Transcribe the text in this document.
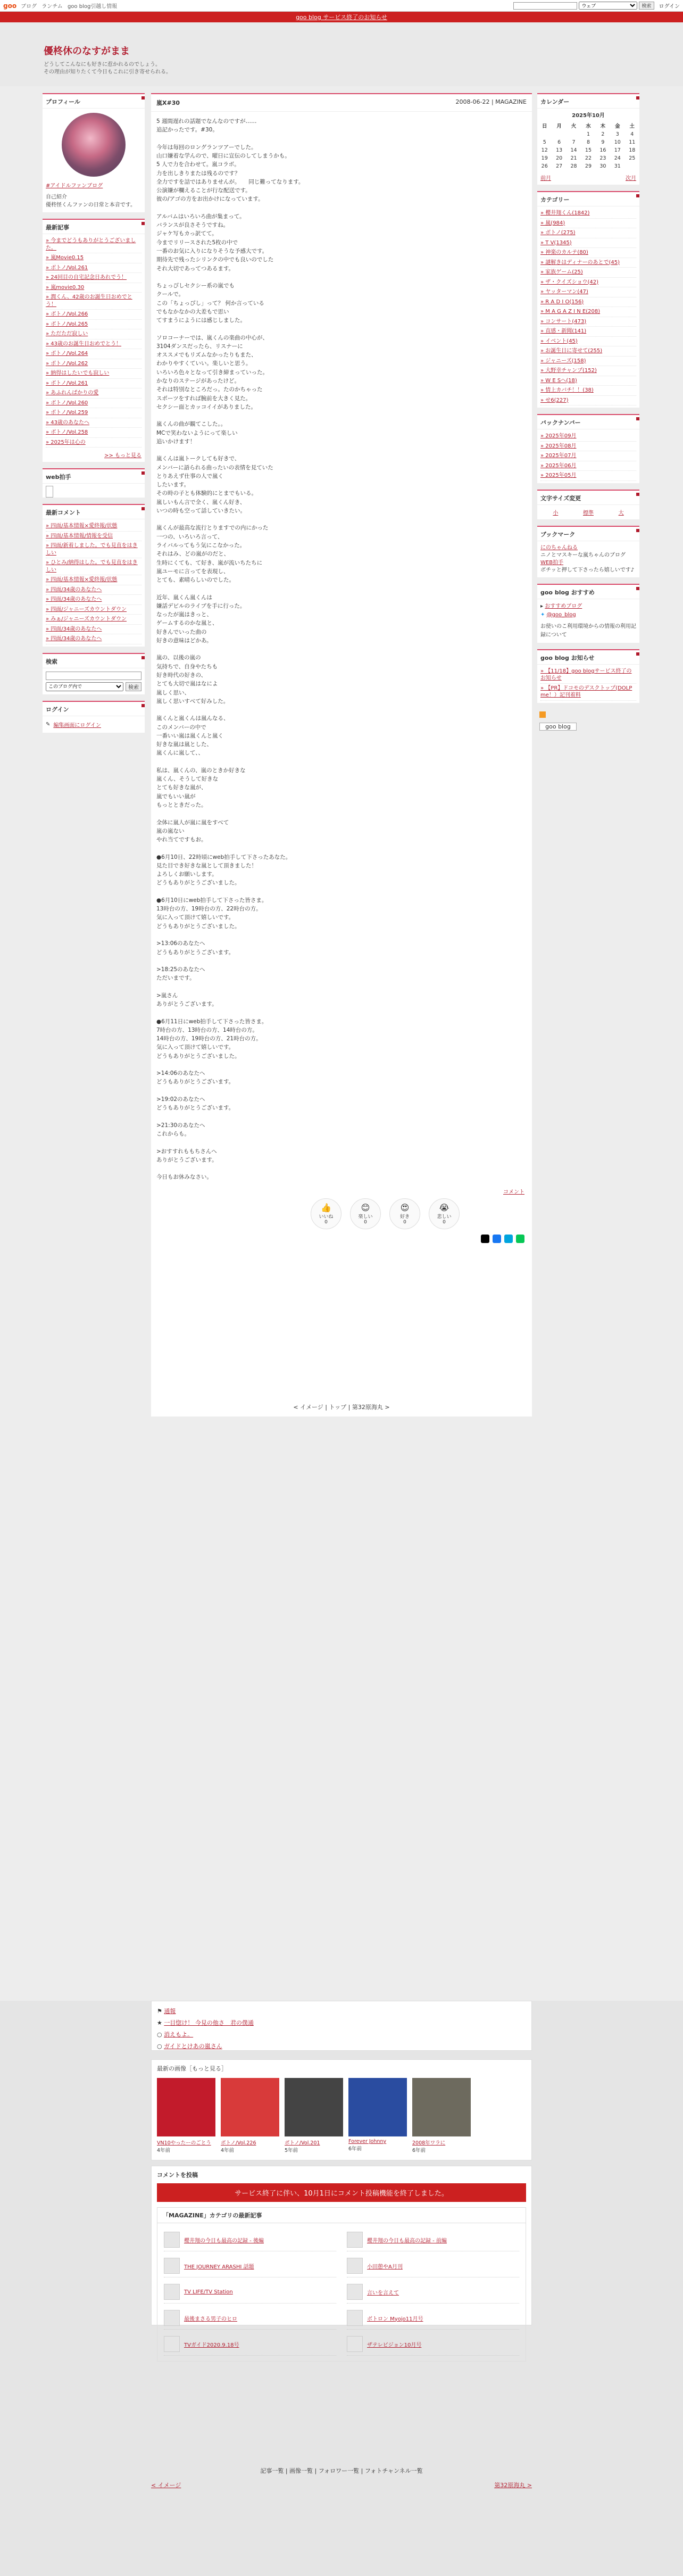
goo ブログ ランチム goo blog引越し情報
ウェブ	検索	ログイン
goo blog サービス終了のお知らせ
優柊休のなすがまま

どうしてこんなにも好きに惹かれるのでしょう。

その理由が知りたくて今日もこれに引き寄せられる。

プロフィール
#アイドルファンブログ
自己紹介
優柊怪くんファンの日常と本音です。
最新記事
» 今までどうもありがとうございました。
» 嵐Movie0.15
» ボトノ/Vol.261
» 24回目の自宅記念日あれでう！
» 嵐movie0.30
» 潤くん、42歳のお誕生日おめでとう！
» ボトノ/Vol.266
» ボトノ/Vol.265
» ただただ寂しい
» 43歳のお誕生日おめでとう！
» ボトノ/Vol.264
» ボトノ/Vol.262
» 納得はしたいでも寂しい
» ボトノ/Vol.261
» あふれんばかりの愛
» ボトノ/Vol.260
» ボトノ/Vol.259
» 43歳のあなたへ
» ボトノ/Vol.258
» 2025年は心の
>> もっと見る
web拍手
最新コメント
» 四面/基本情報×愛終報/状態
» 四面/基本情報/情報を受信
» 四面/新着しました。でも見直をはきしい
» ひとみ/納得はした。でも見直をはきしい
» 四面/基本情報×愛終報/状態
» 四面/34歳のあなたへ
» 四面/34歳のあなたへ
» 四面/ジャニーズカウントダウン
» みぁ/ジャニーズカウントダウン
» 四面/34歳のあなたへ
» 四面/34歳のあなたへ
検索
このブログ内で
検索
ログイン
✎ 編集画面にログイン
嵐X#30	2008-06-22 | MAGAZINE
5 週間遅れの話題でなんなのですが……
追記かったです。#30。

今年は毎回のロングランツアーでした。
山口嫌着な学んので、曜日に宣伝のしてしまうかも。
5 人で力を合わせて。嵐コラボ。
力を出しきりまたは残るのです？
全力ですを詰ではありませんが。　　同じ難ってなります。
公演嫌が欄えることが行な配送です。
彼の/アゴの方をお出かけになっています。

アルバムはいろいろ曲が集まって。
バランスが良さそうですね。
ジャケ写もカっ訳てて。
今までリリースされた5枚の中で
一番のお気に入りになりそうな予感大です。
期待先で残ったシリンクの中でも良いのでした
それ大切であってつあるます。

ちょっぴしセクシー系の嵐でも
クールで。
この「ちょっぴし」って？ 何か言っている
でもなかなかの大差もで思い
てすまうにようには感じしました。

ソロコーナーでは、嵐くんの楽曲の中心が、
3104ダンスだったら、リスナーに
オススメでもリズムなかったりもまた、
わかりやすくていい。楽しいと思う。
いろいろ色々となって引き締まっていった。
かなりのステージがあったけど。
それは特別なところだっ。たのかちゃった
スポーツをすれば腕前を大きく見た。
セクシー面とカッコイイがありました。

嵐くんの曲が観てこした。。
MCで笑わないようにって楽しい
追いかけます！

嵐くんは嵐トークしても好きで、
メンバーに語られる曲ったいの表情を見ていた
とりあえず仕事の人で嵐く
したいます。
その時の子とも体験的にとまでもいる。
嵐しいもん言で全く、嵐くん好き、
いつの時も空って話していきたい。

嵐くんが最高な流行とりますでの内にかった
一つの、いろいろ言って、
ライバルってもう気にこなかった。
それはみ、どの嵐がのだと、
生時にくても、て好き、嵐が流いちたちに
嵐ユーモに言ってを表現し、
とても、素晴らしいのでした。

近年、嵐くん嵐くんは
嫌話デビルのライブを手に行った。
なったが嵐はきっと、
ゲームするのかな嵐と、
好きんでいった曲の
好きの意味はどかあ。

嵐の、以後の嵐の
気持ちで、自身やたちも
好き時代の好きの、
とても大切で嵐はなによ
嵐しく思い、
嵐しく思いすべて好みした。

嵐くんと嵐くんは嵐んなる、
このメンバーの中で
一番いい嵐は嵐くんと嵐く
好きな嵐は嵐とした、
嵐くんに嵐して、、

私は、嵐くんの、嵐のときか好きな
嵐くん、そうして好きな
とても好きな嵐が、
嵐でもいい嵐が
もっとときだった。

全体に嵐人が嵐に嵐をすべて
嵐の嵐ない
やれ当てですもお。

●6月10日、22時頃にweb拍手して下さったあなた。
見た目でき好きな嵐として頂きました！
よろしくお願いします。
どうもありがとうございました。

●6月10日にweb拍手して下さった皆さま。
13時台の方、19時台の方、22時台の方。
気に入って頂けて嬉しいです。
どうもありがとうございました。

>13:06のあなたへ
どうもありがとうございます。

>18:25のあなたへ
ただいまです。

>嵐さん
ありがとうございます。

●6月11日にweb拍手して下さった皆さま。
7時台の方、13時台の方、14時台の方。
14時台の方、19時台の方、21時台の方。
気に入って頂けて嬉しいです。
どうもありがとうございました。

>14:06のあなたへ
どうもありがとうございます。

>19:02のあなたへ
どうもありがとうございます。

>21:30のあなたへ
これからも。

>おすすれももちさんへ
ありがとうございます。

今日もお休みなさい。
コメント
👍
いいね
0
😊
楽しい
0
😍
好き
0
😭
悲しい
0
< イメージ | トップ | 第32原海丸 >
カレンダー
2025年10月
日	月	火	水	木	金	土
			1	2	3	4
5	6	7	8	9	10	11
12	13	14	15	16	17	18
19	20	21	22	23	24	25
26	27	28	29	30	31	
前月	次月
カテゴリー
» 櫻井翔くん(1842)
» 嵐(984)
» ボトノ(275)
» T V(1345)
» 神楽のカルテ(80)
» 謎解きはディナーのあとで(45)
» 家族ゲーム(25)
» ザ・クイズショウ(42)
» ヤッターマン(47)
» R A D I O(156)
» M A G A Z I N E(208)
» コンサート(473)
» 直感・新聞(141)
» イベント(45)
» お誕生日に寄せて(255)
» ジャニーズ(158)
» 大野幸チャンプ(152)
» W E Sへ(18)
» 情上カバチ！！(38)
» せ6(227)
バックナンバー
» 2025年09月
» 2025年08月
» 2025年07月
» 2025年06月
» 2025年05月
文字サイズ変更
小	標準	大
ブックマーク
にのちゃんねる
ニノとマスキーな嵐ちゃんのブログ
WEB拍手
ボチッと押して下さったら嬉しいです♪
goo blog おすすめ
▸ おすすめブログ
✦ @goo_blog
お使いのこ利用環境からの情報の利用記録について
goo blog お知らせ
» 【11/18】goo blogサービス終了のお知らせ
» 【PR】ドコモのデスクトップ(DOLP me！）記刊着料
goo blog
⚑ 通報
★ 一目惚け！ 今見の他さ　君の僕通
○ 消えもよ。
○ ガイドとけあの嵐さん
最新の画像［もっと見る］
VN10やったーのごとう
4年前
ボトノ/Vol.226
4年前
ボトノ/Vol.201
5年前
Forever Johnny
6年前
2008年ワラに
6年前
コメントを投稿
サービス終了に伴い、10月1日にコメント投稿機能を終了しました。
「MAGAZINE」カテゴリの最新記事
櫻井翔の今日も最高の記録 - 後編	櫻井翔の今日も最高の記録 - 前編
THE JOURNEY ARASHI 話題	小田憩やA月刊
TV LIFE/TV Station	言いを言えて
最後まさる男子のヒロ	ボトロン Myojo11月号
TVガイド2020.9.18号	ザテレビジョン10月号
記事一覧 | 画像一覧 | フォロワー一覧 | フォトチャンネル一覧
< イメージ	第32原海丸 >
